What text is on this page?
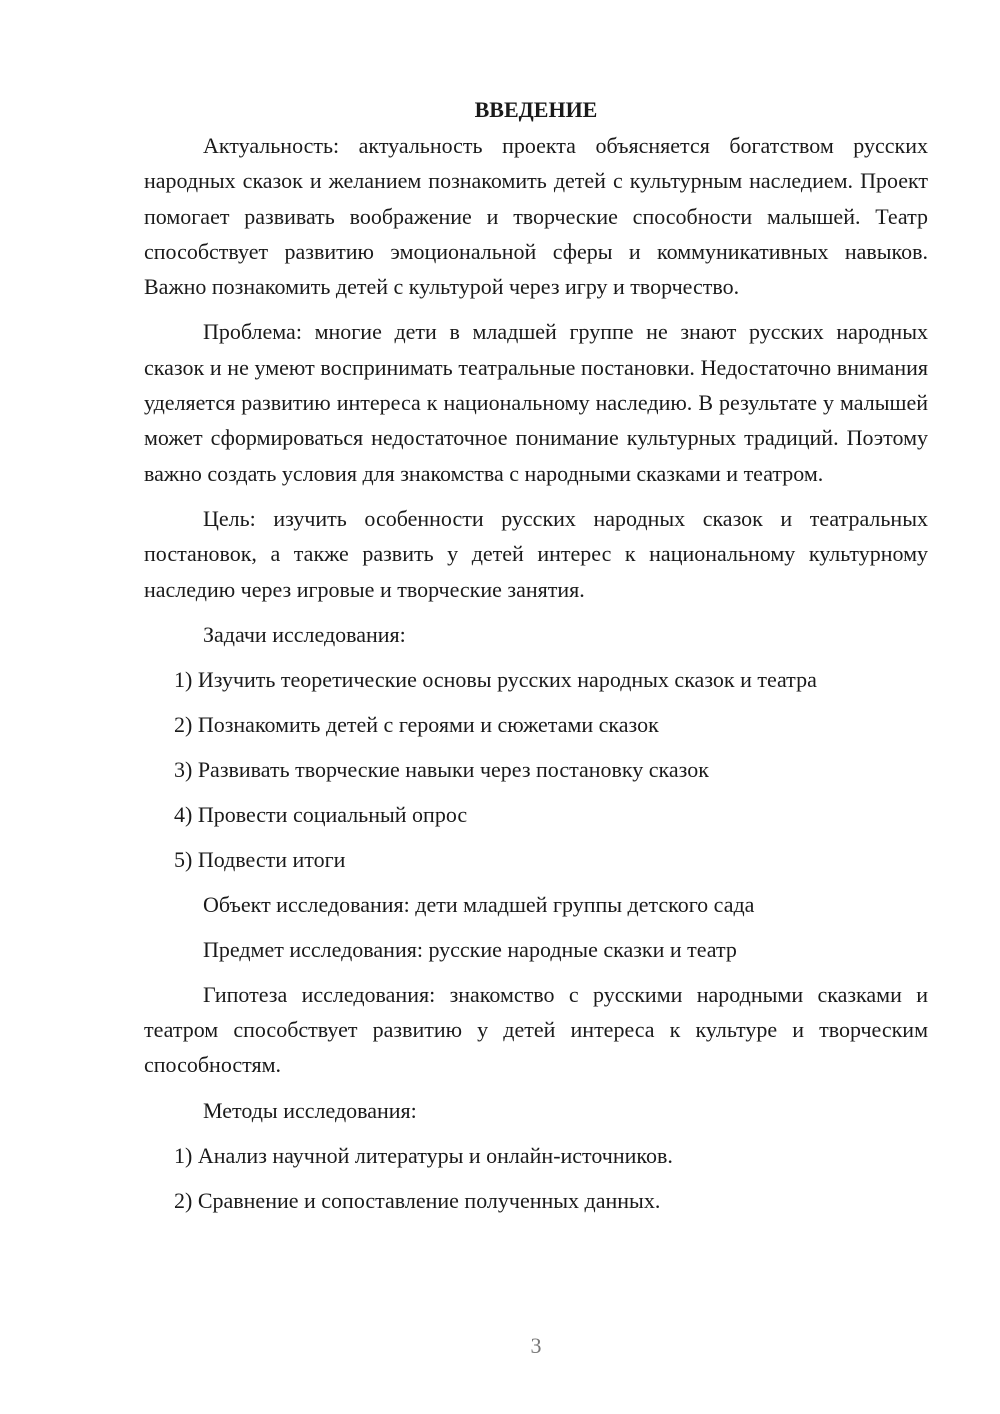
ВВЕДЕНИЕ

Актуальность: актуальность проекта объясняется богатством русских народных сказок и желанием познакомить детей с культурным наследием. Проект помогает развивать воображение и творческие способности малышей. Театр способствует развитию эмоциональной сферы и коммуникативных навыков. Важно познакомить детей с культурой через игру и творчество.

Проблема: многие дети в младшей группе не знают русских народных сказок и не умеют воспринимать театральные постановки. Недостаточно внимания уделяется развитию интереса к национальному наследию. В результате у малышей может сформироваться недостаточное понимание культурных традиций. Поэтому важно создать условия для знакомства с народными сказками и театром.

Цель: изучить особенности русских народных сказок и театральных постановок, а также развить у детей интерес к национальному культурному наследию через игровые и творческие занятия.

Задачи исследования:
1) Изучить теоретические основы русских народных сказок и театра
2) Познакомить детей с героями и сюжетами сказок
3) Развивать творческие навыки через постановку сказок
4) Провести социальный опрос
5) Подвести итоги
Объект исследования: дети младшей группы детского сада
Предмет исследования: русские народные сказки и театр

Гипотеза исследования: знакомство с русскими народными сказками и театром способствует развитию у детей интереса к культуре и творческим способностям.

Методы исследования:
1) Анализ научной литературы и онлайн-источников.
2) Сравнение и сопоставление полученных данных.
3
